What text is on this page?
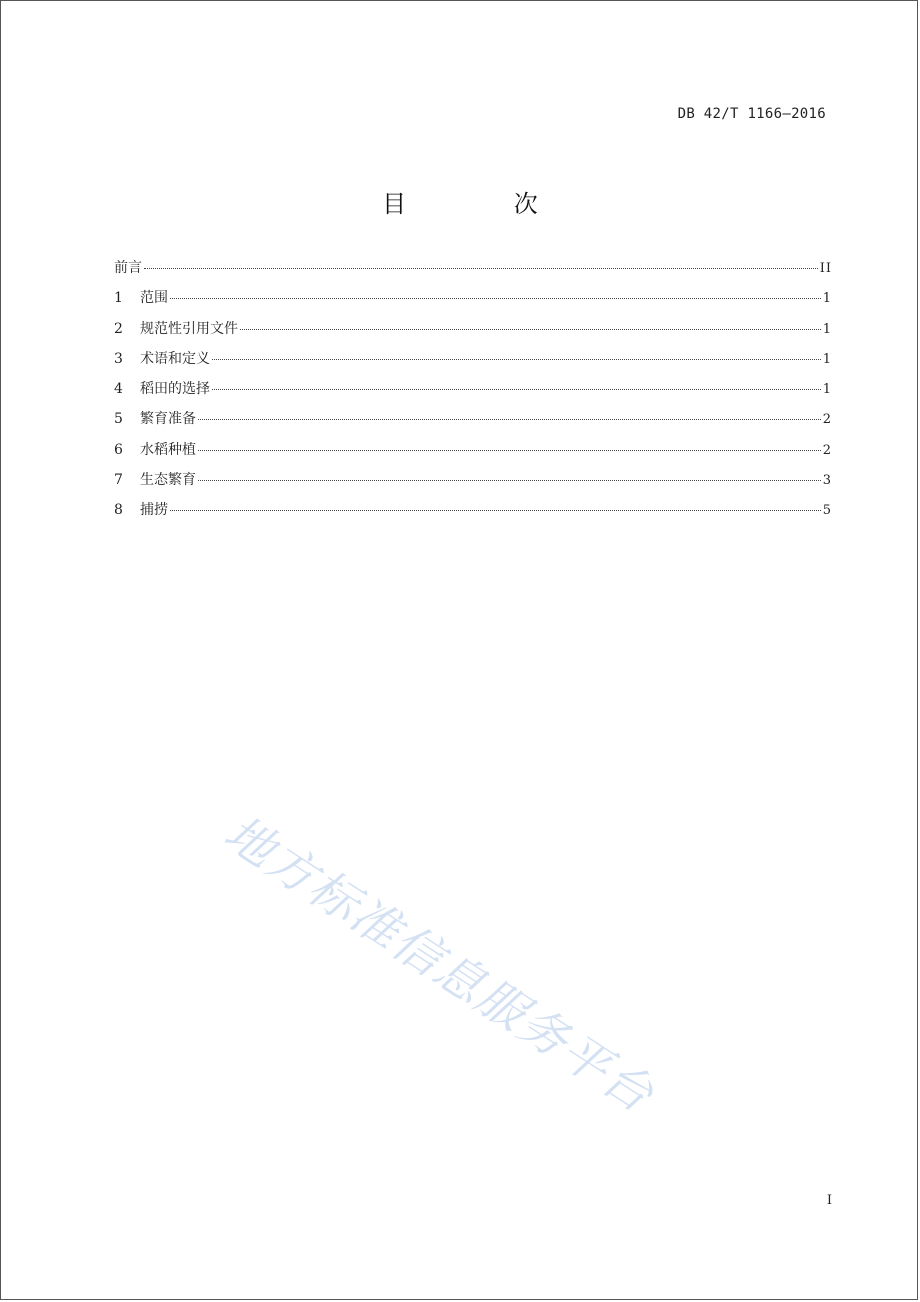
DB 42/T 1166—2016
目 次
前言	II
1	范围	1
2	规范性引用文件	1
3	术语和定义	1
4	稻田的选择	1
5	繁育准备	2
6	水稻种植	2
7	生态繁育	3
8	捕捞	5
地方标准信息服务平台
I
